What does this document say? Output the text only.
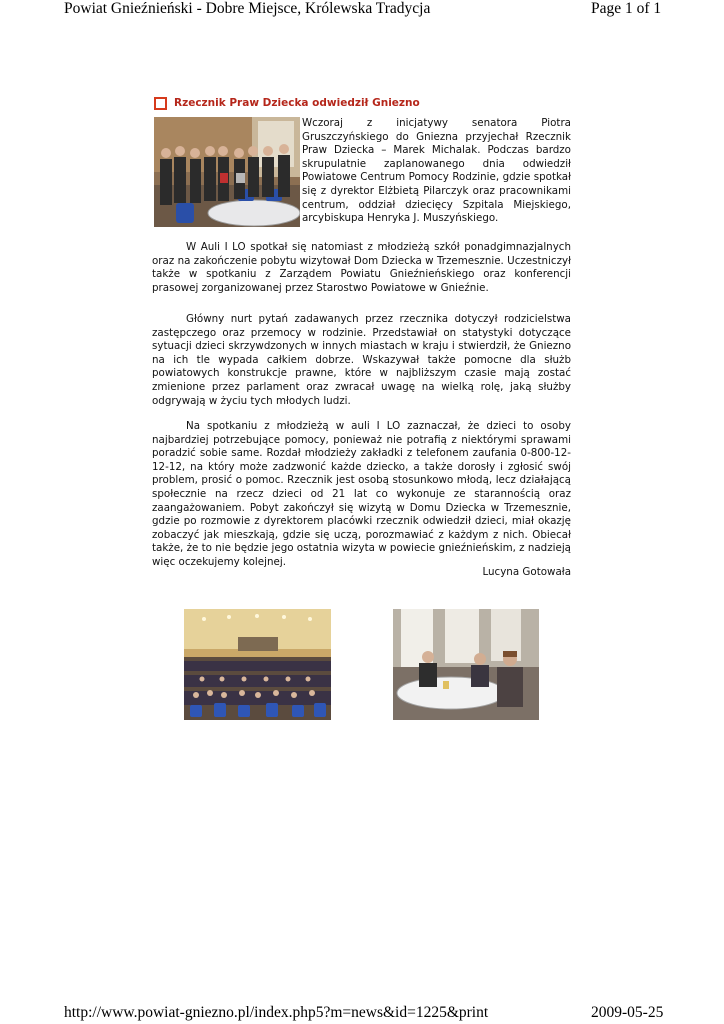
Powiat Gnieźnieński - Dobre Miejsce, Królewska Tradycja	Page 1 of 1
Rzecznik Praw Dziecka odwiedził Gniezno
Wczoraj z inicjatywy senatora Piotra Gruszczyńskiego do Gniezna przyjechał Rzecznik Praw Dziecka – Marek Michalak. Podczas bardzo skrupulatnie zaplanowanego dnia odwiedził Powiatowe Centrum Pomocy Rodzinie, gdzie spotkał się z dyrektor Elżbietą Pilarczyk oraz pracownikami centrum, oddział dziecięcy Szpitala Miejskiego, arcybiskupa Henryka J. Muszyńskiego.

W Auli I LO spotkał się natomiast z młodzieżą szkół ponadgimnazjalnych oraz na zakończenie pobytu wizytował Dom Dziecka w Trzemesznie. Uczestniczył także w spotkaniu z Zarządem Powiatu Gnieźnieńskiego oraz konferencji prasowej zorganizowanej przez Starostwo Powiatowe w Gnieźnie.

Główny nurt pytań zadawanych przez rzecznika dotyczył rodzicielstwa zastępczego oraz przemocy w rodzinie. Przedstawiał on statystyki dotyczące sytuacji dzieci skrzywdzonych w innych miastach w kraju i stwierdził, że Gniezno na ich tle wypada całkiem dobrze. Wskazywał także pomocne dla służb powiatowych konstrukcje prawne, które w najbliższym czasie mają zostać zmienione przez parlament oraz zwracał uwagę na wielką rolę, jaką służby odgrywają w życiu tych młodych ludzi.

Na spotkaniu z młodzieżą w auli I LO zaznaczał, że dzieci to osoby najbardziej potrzebujące pomocy, ponieważ nie potrafią z niektórymi sprawami poradzić sobie same. Rozdał młodzieży zakładki z telefonem zaufania 0-800-12-12-12, na który może zadzwonić każde dziecko, a także dorosły i zgłosić swój problem, prosić o pomoc. Rzecznik jest osobą stosunkowo młodą, lecz działającą społecznie na rzecz dzieci od 21 lat co wykonuje ze starannością oraz zaangażowaniem. Pobyt zakończył się wizytą w Domu Dziecka w Trzemesznie, gdzie po rozmowie z dyrektorem placówki rzecznik odwiedził dzieci, miał okazję zobaczyć jak mieszkają, gdzie się uczą, porozmawiać z każdym z nich. Obiecał także, że to nie będzie jego ostatnia wizyta w powiecie gnieźnieńskim, z nadzieją więc oczekujemy kolejnej.

Lucyna Gotowała
http://www.powiat-gniezno.pl/index.php5?m=news&id=1225&print	2009-05-25
